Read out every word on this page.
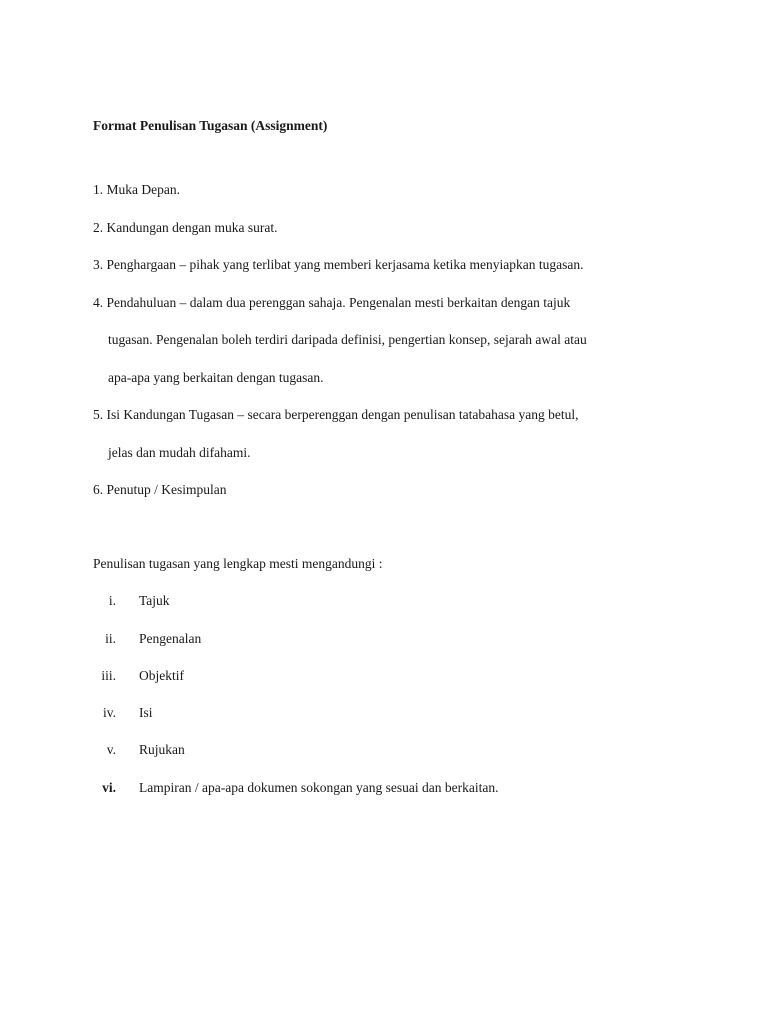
Format Penulisan Tugasan (Assignment)
1. Muka Depan.
2. Kandungan dengan muka surat.
3. Penghargaan – pihak yang terlibat yang memberi kerjasama ketika menyiapkan tugasan.
4. Pendahuluan – dalam dua perenggan sahaja. Pengenalan mesti berkaitan dengan tajuk
tugasan. Pengenalan boleh terdiri daripada definisi, pengertian konsep, sejarah awal atau
apa-apa yang berkaitan dengan tugasan.
5. Isi Kandungan Tugasan – secara berperenggan dengan penulisan tatabahasa yang betul,
jelas dan mudah difahami.
6. Penutup / Kesimpulan
Penulisan tugasan yang lengkap mesti mengandungi :
i. Tajuk
ii. Pengenalan
iii. Objektif
iv. Isi
v. Rujukan
vi. Lampiran / apa-apa dokumen sokongan yang sesuai dan berkaitan.
